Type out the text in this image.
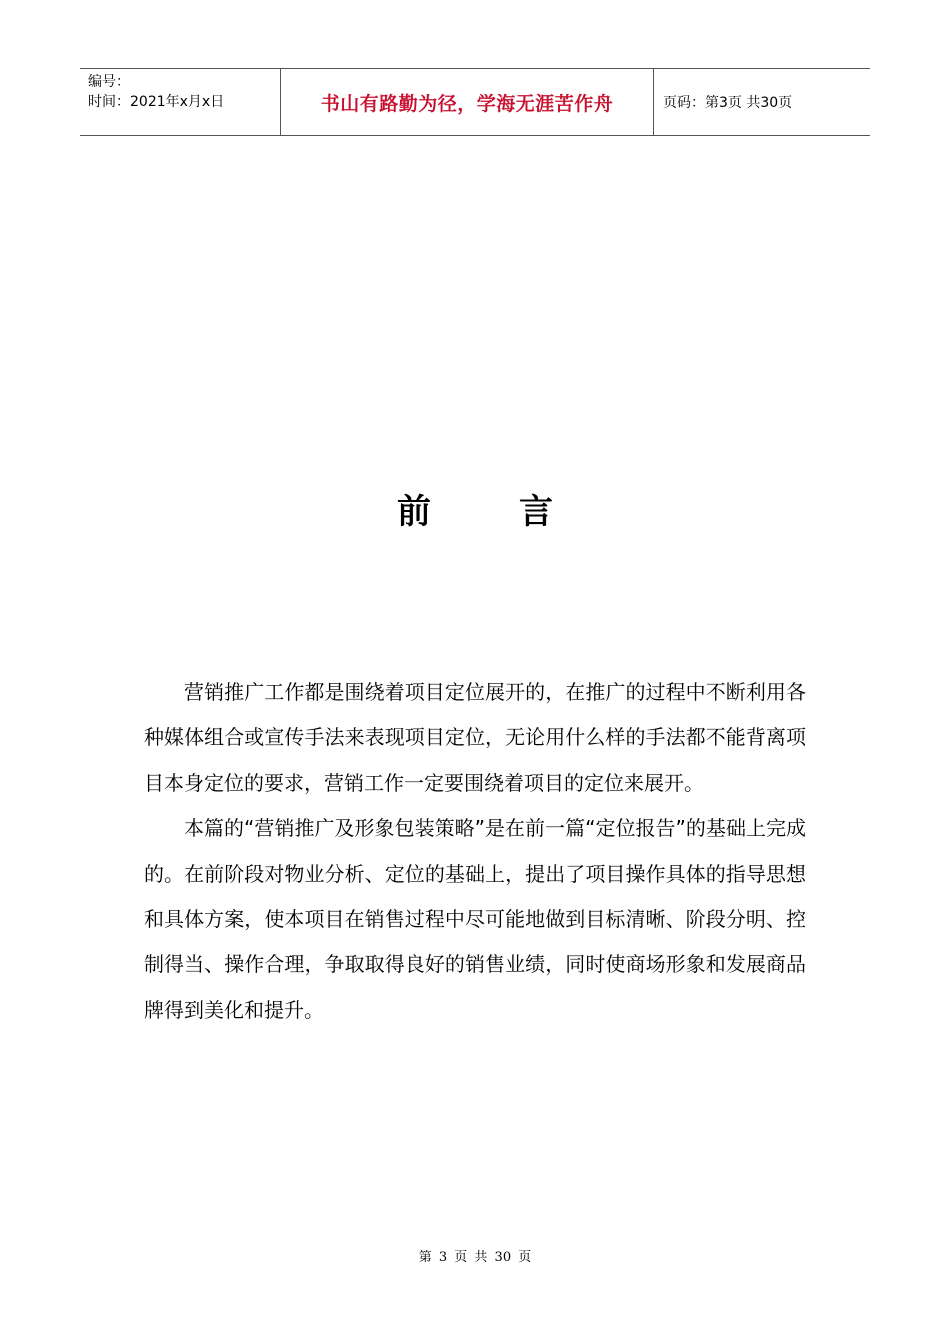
编号：
时间：2021年x月x日	书山有路勤为径，学海无涯苦作舟	页码：第3页 共30页
前	言

营销推广工作都是围绕着项目定位展开的，在推广的过程中不断利用各种媒体组合或宣传手法来表现项目定位，无论用什么样的手法都不能背离项目本身定位的要求，营销工作一定要围绕着项目的定位来展开。

本篇的“营销推广及形象包装策略”是在前一篇“定位报告”的基础上完成的。在前阶段对物业分析、定位的基础上，提出了项目操作具体的指导思想和具体方案，使本项目在销售过程中尽可能地做到目标清晰、阶段分明、控制得当、操作合理，争取取得良好的销售业绩，同时使商场形象和发展商品牌得到美化和提升。

第 3 页 共 30 页
